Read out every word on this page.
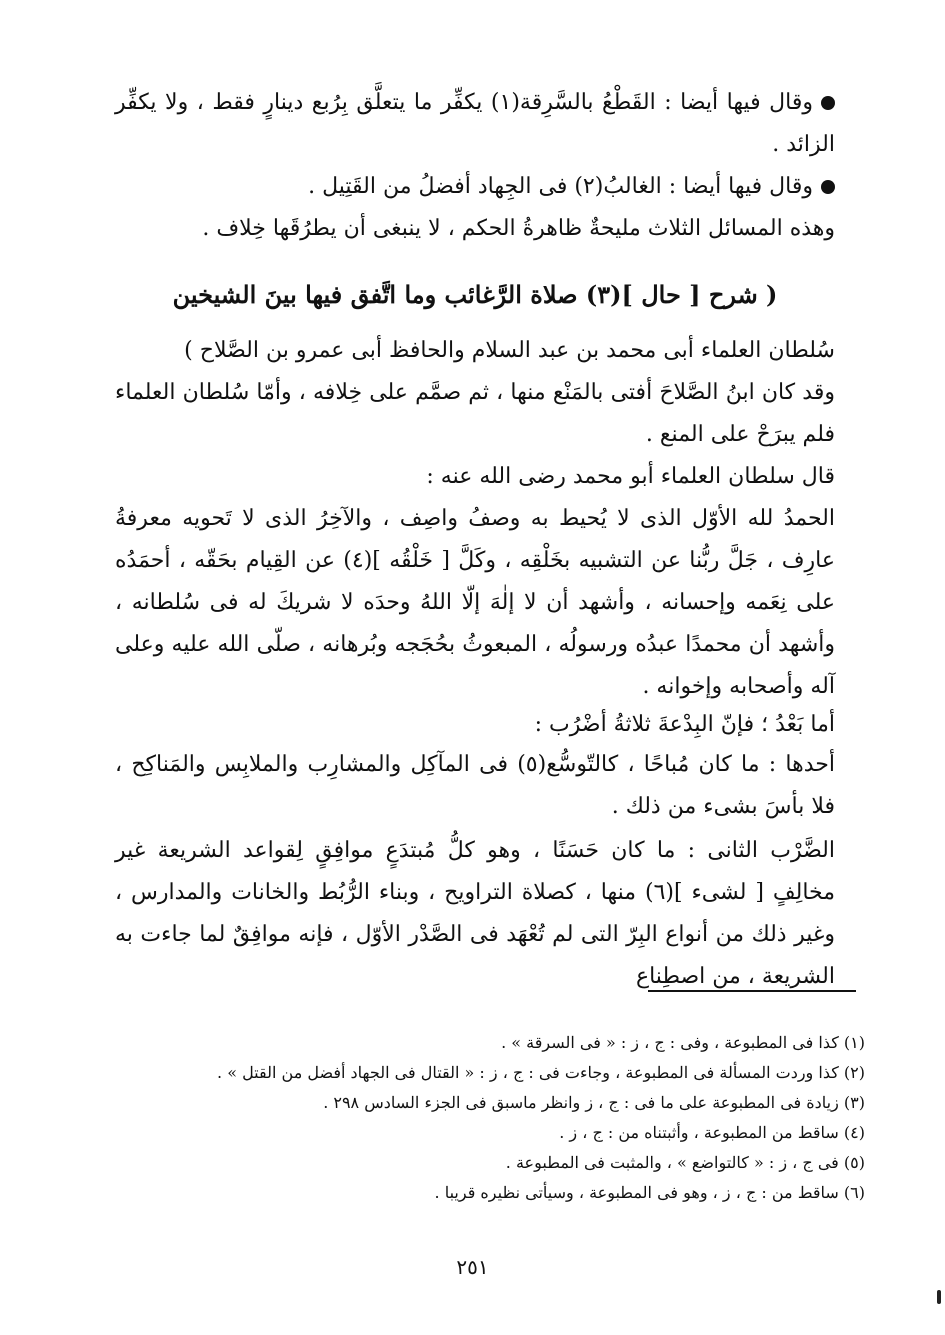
وقال فيها أيضا : القَطْعُ بالسَّرِقة(١) يكفِّر ما يتعلَّق بِرُبع دينارٍ فقط ، ولا يكفِّر الزائد .
وقال فيها أيضا : الغالبُ(٢) فى الجِهاد أفضلُ من القَتِيل .
وهذه المسائل الثلاث مليحةٌ ظاهرةُ الحكم ، لا ينبغى أن يطرُقَها خِلاف .
( شرح [ حال ](٣) صلاة الرَّغائب وما اتَّفق فيها بينَ الشيخين
سُلطان العلماء أبى محمد بن عبد السلام والحافظ أبى عمرو بن الصَّلاح )
وقد كان ابنُ الصَّلاحَ أفتى بالمَنْع منها ، ثم صمَّم على خِلافه ، وأمّا سُلطان العلماء فلم يبرَحْ على المنع .
قال سلطان العلماء أبو محمد رضى الله عنه :
الحمدُ لله الأوّل الذى لا يُحيط به وصفُ واصِف ، والآخِرُ الذى لا تَحويه معرفةُ عارِف ، جَلَّ ربُّنا عن التشبيه بخَلْقِه ، وكَلَّ [ خَلْقُه ](٤) عن القِيام بحَقّه ، أحمَدُه على نِعَمه وإحسانه ، وأشهد أن لا إلٰهَ إلّا اللهُ وحدَه لا شريكَ له فى سُلطانه ، وأشهد أن محمدًا عبدُه ورسولُه ، المبعوثُ بحُجَجه وبُرهانه ، صلّى الله عليه وعلى آله وأصحابه وإخوانه .
أما بَعْدُ ؛ فإنّ البِدْعةَ ثلاثةُ أضْرُب :
أحدها : ما كان مُباحًا ، كالتّوسُّع(٥) فى المآكِل والمشارِب والملابِس والمَناكِح ، فلا بأسَ بشىء من ذلك .
الضَّرْب الثانى : ما كان حَسَنًا ، وهو كلُّ مُبتدَعٍ موافِقٍ لِقواعد الشريعة غير مخالِفٍ [ لشىء ](٦) منها ، كصلاة التراويح ، وبناء الرُّبُط والخانات والمدارس ، وغير ذلك من أنواع البِرّ التى لم تُعْهَد فى الصَّدْر الأوّل ، فإنه موافِقٌ لما جاءت به الشريعة ، من اصطِناع
(١) كذا فى المطبوعة ، وفى : ج ، ز : « فى السرقة » .
(٢) كذا وردت المسألة فى المطبوعة ، وجاءت فى : ج ، ز : « القتال فى الجهاد أفضل من القتل » .
(٣) زيادة فى المطبوعة على ما فى : ج ، ز وانظر ماسبق فى الجزء السادس ٢٩٨ .
(٤) ساقط من المطبوعة ، وأثبتناه من : ج ، ز .
(٥) فى ج ، ز : « كالتواضع » ، والمثبت فى المطبوعة .
(٦) ساقط من : ج ، ز ، وهو فى المطبوعة ، وسيأتى نظيره قريبا .
٢٥١
